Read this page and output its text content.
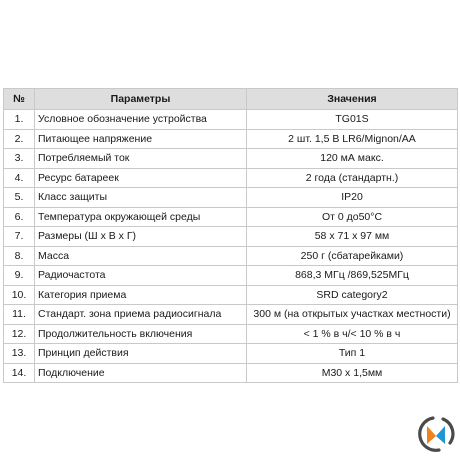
№	Параметры	Значения
1.	Условное обозначение устройства	TG01S
2.	Питающее напряжение	2 шт. 1,5 В LR6/Mignon/AA
3.	Потребляемый ток	120 мА макс.
4.	Ресурс батареек	2 года (стандартн.)
5.	Класс защиты	IP20
6.	Температура окружающей среды	От 0 до50°С
7.	Размеры (Ш х В х Г)	58 х 71 х 97 мм
8.	Масса	250 г (сбатарейками)
9.	Радиочастота	868,3 МГц /869,525МГц
10.	Категория приема	SRD category2
11.	Стандарт. зона приема радиосигнала	300 м (на открытых участках местности)
12.	Продолжительность включения	< 1 % в ч/< 10 % в ч
13.	Принцип действия	Тип 1
14.	Подключение	М30 х 1,5мм
